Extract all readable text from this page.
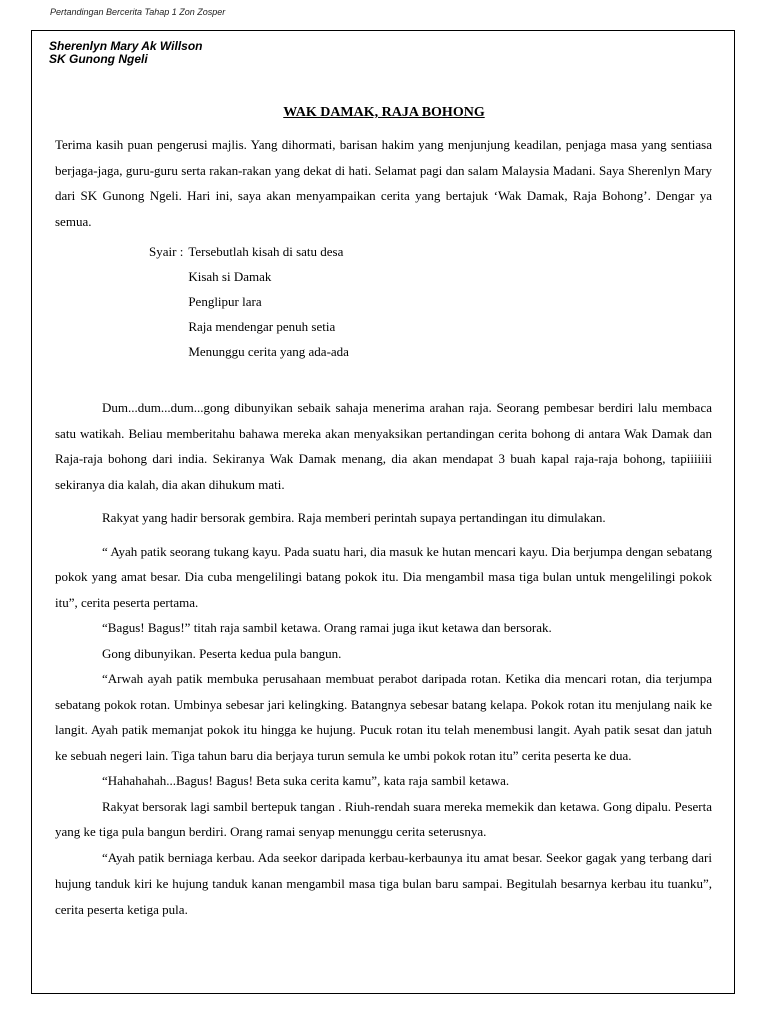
Pertandingan Bercerita Tahap 1 Zon Zosper
Sherenlyn Mary Ak Willson
SK Gunong Ngeli
WAK DAMAK, RAJA BOHONG

Terima kasih puan pengerusi majlis. Yang dihormati, barisan hakim yang menjunjung keadilan, penjaga masa yang sentiasa berjaga-jaga, guru-guru serta rakan-rakan yang dekat di hati. Selamat pagi dan salam Malaysia Madani. Saya Sherenlyn Mary dari SK Gunong Ngeli. Hari ini, saya akan menyampaikan cerita yang bertajuk ‘Wak Damak, Raja Bohong’. Dengar ya semua.

Syair : Tersebutlah kisah di satu desa
Kisah si Damak
Penglipur lara
Raja mendengar penuh setia
Menunggu cerita yang ada-ada

Dum...dum...dum...gong dibunyikan sebaik sahaja menerima arahan raja. Seorang pembesar berdiri lalu membaca satu watikah. Beliau memberitahu bahawa mereka akan menyaksikan pertandingan cerita bohong di antara Wak Damak dan Raja-raja bohong dari india. Sekiranya Wak Damak menang, dia akan mendapat 3 buah kapal raja-raja bohong, tapiiiiiii sekiranya dia kalah, dia akan dihukum mati.

Rakyat yang hadir bersorak gembira. Raja memberi perintah supaya pertandingan itu dimulakan.

“ Ayah patik seorang tukang kayu. Pada suatu hari, dia masuk ke hutan mencari kayu. Dia berjumpa dengan sebatang pokok yang amat besar. Dia cuba mengelilingi batang pokok itu. Dia mengambil masa tiga bulan untuk mengelilingi pokok itu”, cerita peserta pertama.

“Bagus! Bagus!” titah raja sambil ketawa. Orang ramai juga ikut ketawa dan bersorak.

Gong dibunyikan. Peserta kedua pula bangun.

“Arwah ayah patik membuka perusahaan membuat perabot daripada rotan. Ketika dia mencari rotan, dia terjumpa sebatang pokok rotan. Umbinya sebesar jari kelingking. Batangnya sebesar batang kelapa. Pokok rotan itu menjulang naik ke langit. Ayah patik memanjat pokok itu hingga ke hujung. Pucuk rotan itu telah menembusi langit. Ayah patik sesat dan jatuh ke sebuah negeri lain. Tiga tahun baru dia berjaya turun semula ke umbi pokok rotan itu” cerita peserta ke dua.

“Hahahahah...Bagus! Bagus! Beta suka cerita kamu”, kata raja sambil ketawa.

Rakyat bersorak lagi sambil bertepuk tangan . Riuh-rendah suara mereka memekik dan ketawa. Gong dipalu. Peserta yang ke tiga pula bangun berdiri. Orang ramai senyap menunggu cerita seterusnya.

“Ayah patik berniaga kerbau. Ada seekor daripada kerbau-kerbaunya itu amat besar. Seekor gagak yang terbang dari hujung tanduk kiri ke hujung tanduk kanan mengambil masa tiga bulan baru sampai. Begitulah besarnya kerbau itu tuanku”, cerita peserta ketiga pula.
